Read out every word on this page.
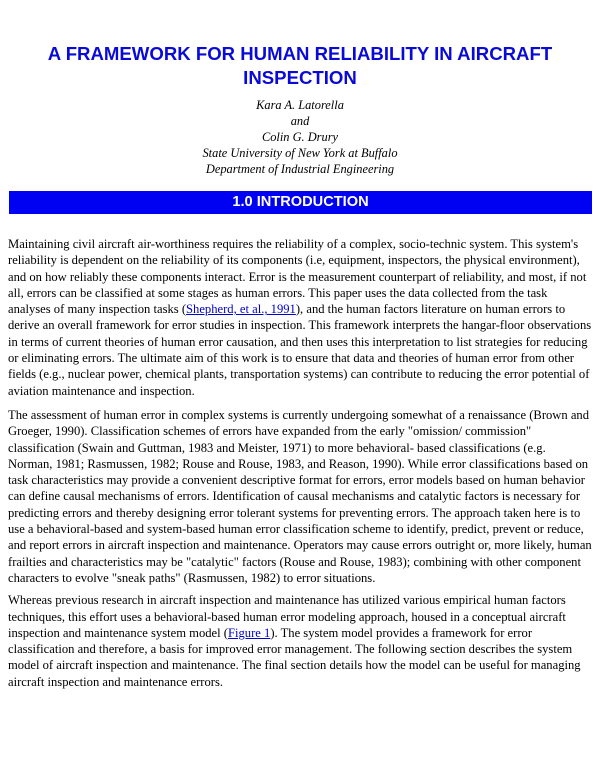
A FRAMEWORK FOR HUMAN RELIABILITY IN AIRCRAFT INSPECTION
Kara A. Latorella
and
Colin G. Drury
State University of New York at Buffalo
Department of Industrial Engineering
1.0 INTRODUCTION

Maintaining civil aircraft air-worthiness requires the reliability of a complex, socio-technic system. This system's reliability is dependent on the reliability of its components (i.e, equipment, inspectors, the physical environment), and on how reliably these components interact. Error is the measurement counterpart of reliability, and most, if not all, errors can be classified at some stages as human errors. This paper uses the data collected from the task analyses of many inspection tasks (Shepherd, et al., 1991), and the human factors literature on human errors to derive an overall framework for error studies in inspection. This framework interprets the hangar-floor observations in terms of current theories of human error causation, and then uses this interpretation to list strategies for reducing or eliminating errors. The ultimate aim of this work is to ensure that data and theories of human error from other fields (e.g., nuclear power, chemical plants, transportation systems) can contribute to reducing the error potential of aviation maintenance and inspection.

The assessment of human error in complex systems is currently undergoing somewhat of a renaissance (Brown and Groeger, 1990). Classification schemes of errors have expanded from the early "omission/ commission" classification (Swain and Guttman, 1983 and Meister, 1971) to more behavioral- based classifications (e.g. Norman, 1981; Rasmussen, 1982; Rouse and Rouse, 1983, and Reason, 1990). While error classifications based on task characteristics may provide a convenient descriptive format for errors, error models based on human behavior can define causal mechanisms of errors. Identification of causal mechanisms and catalytic factors is necessary for predicting errors and thereby designing error tolerant systems for preventing errors. The approach taken here is to use a behavioral-based and system-based human error classification scheme to identify, predict, prevent or reduce, and report errors in aircraft inspection and maintenance. Operators may cause errors outright or, more likely, human frailties and characteristics may be "catalytic" factors (Rouse and Rouse, 1983); combining with other component characters to evolve "sneak paths" (Rasmussen, 1982) to error situations.

Whereas previous research in aircraft inspection and maintenance has utilized various empirical human factors techniques, this effort uses a behavioral-based human error modeling approach, housed in a conceptual aircraft inspection and maintenance system model (Figure 1). The system model provides a framework for error classification and therefore, a basis for improved error management. The following section describes the system model of aircraft inspection and maintenance. The final section details how the model can be useful for managing aircraft inspection and maintenance errors.
